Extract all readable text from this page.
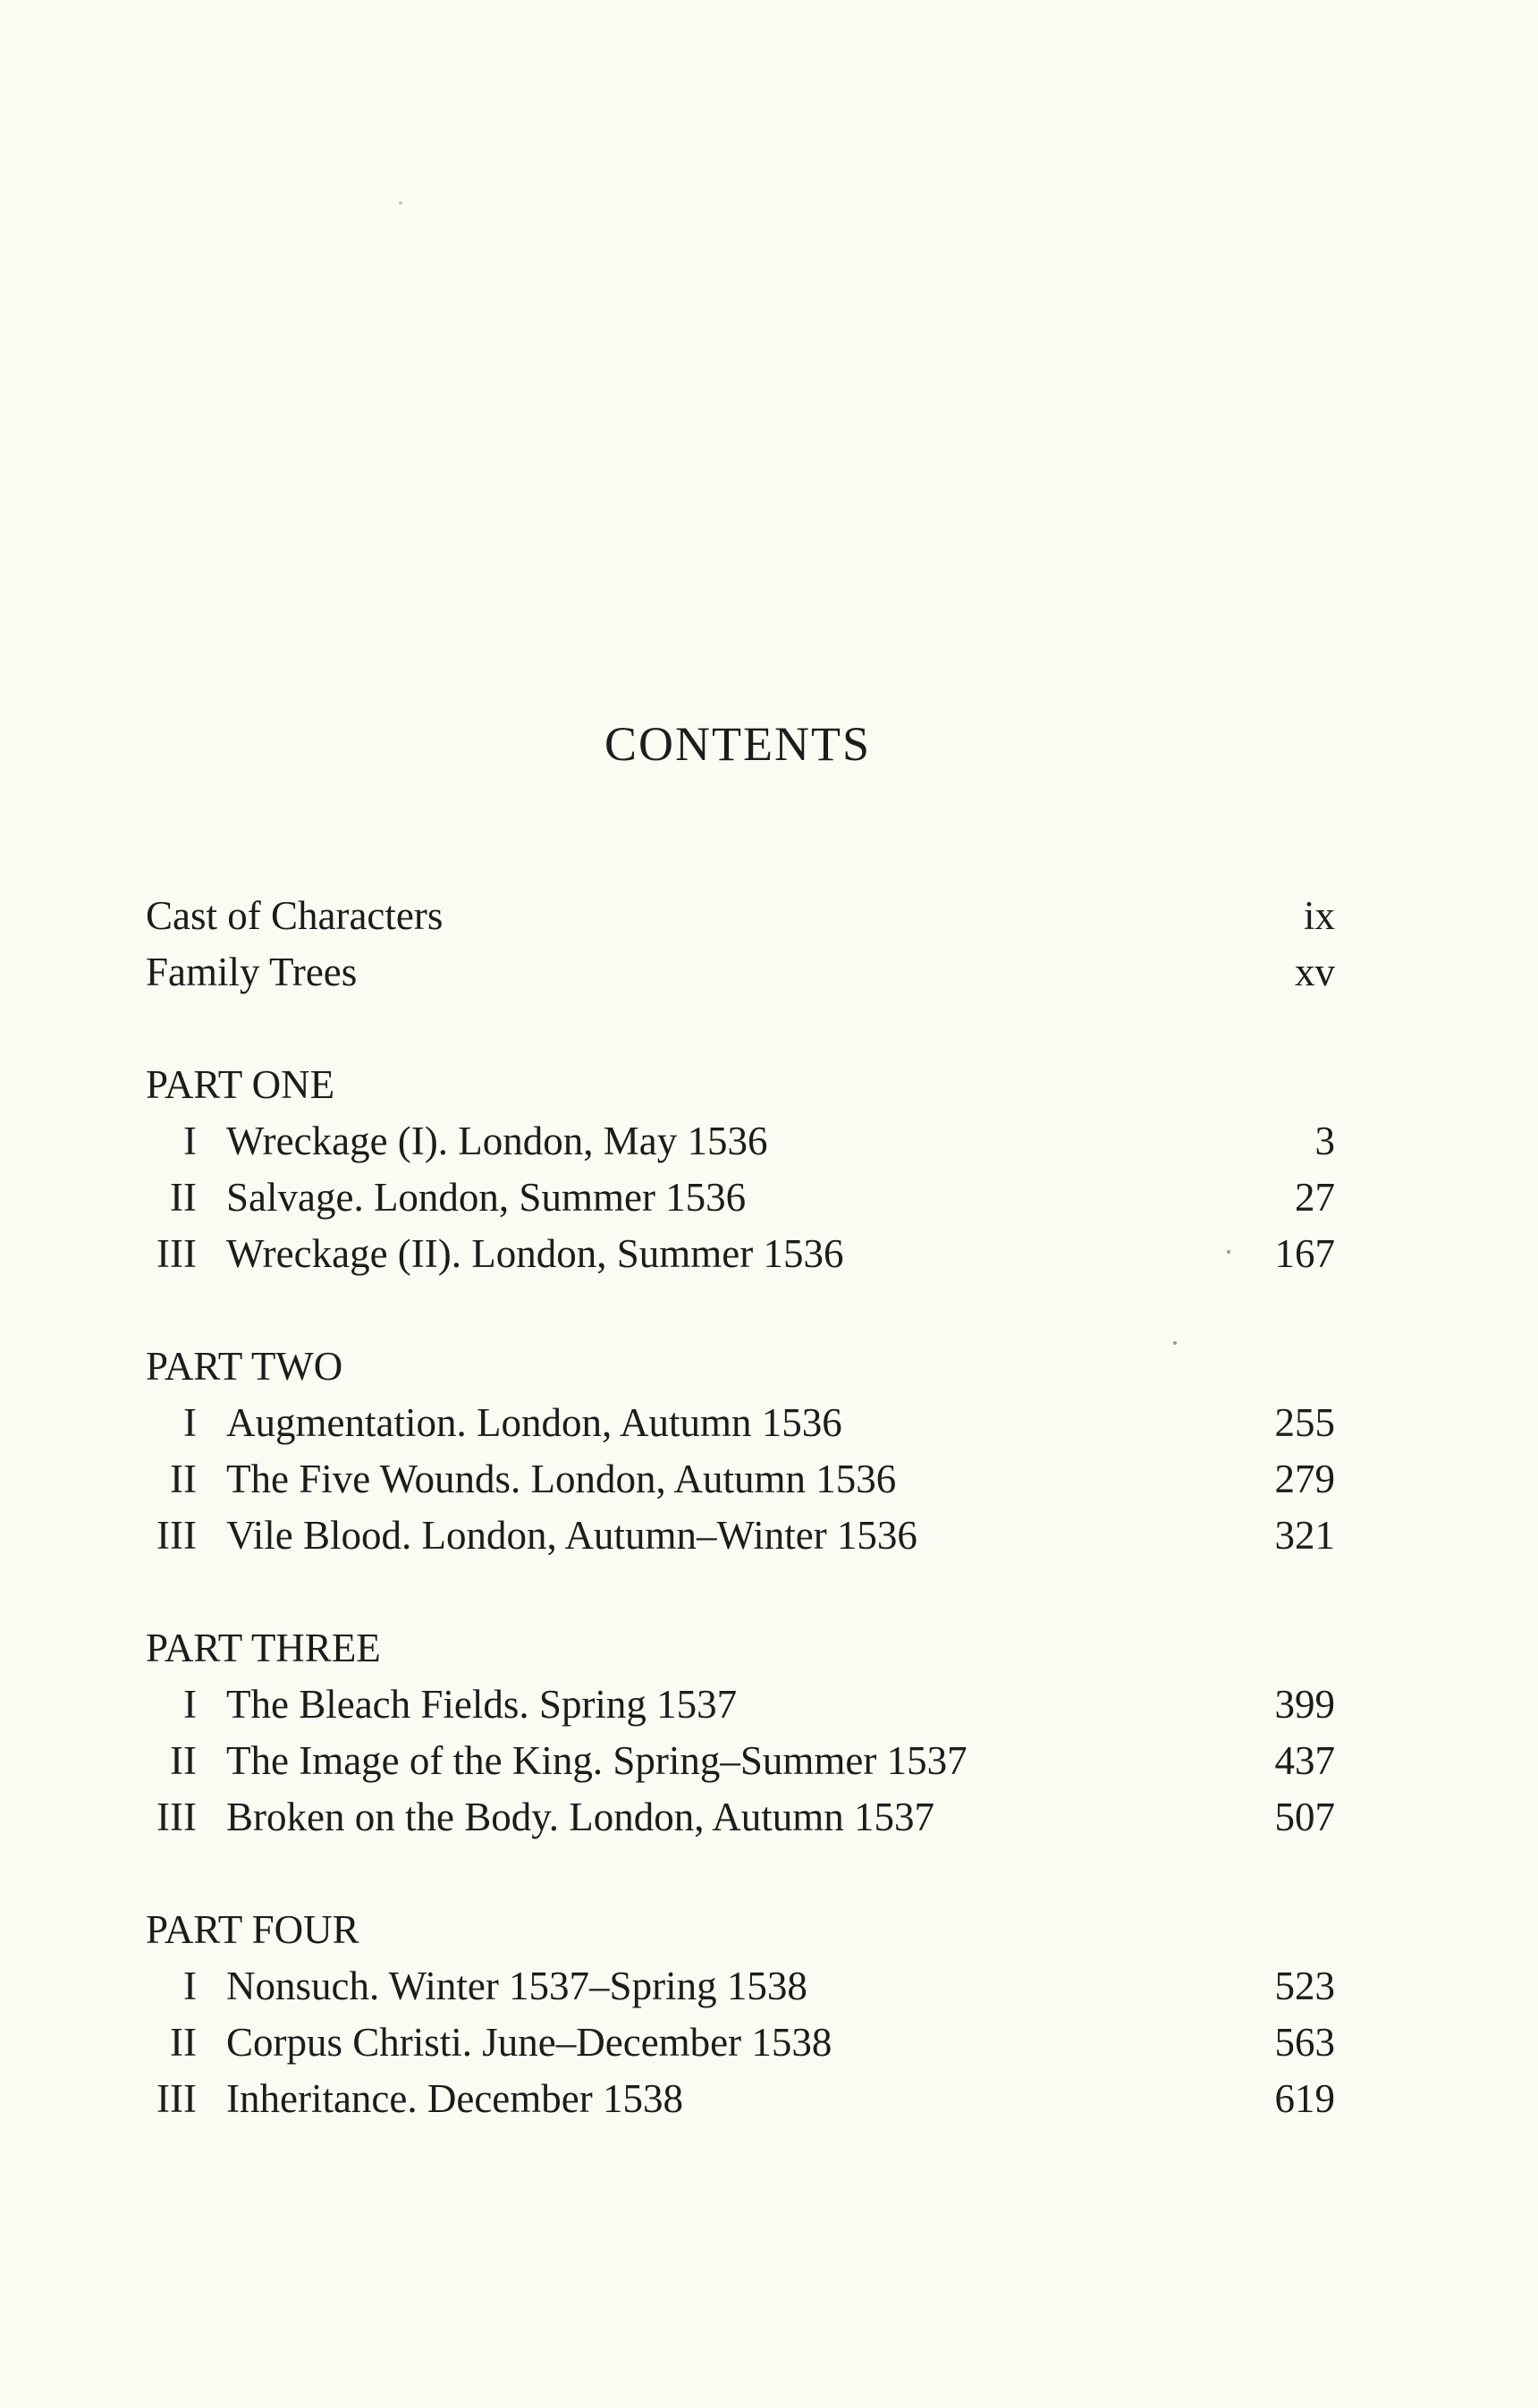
CONTENTS
Cast of Characters	ix
Family Trees	xv
PART ONE
I Wreckage (I). London, May 1536	3
II Salvage. London, Summer 1536	27
III Wreckage (II). London, Summer 1536	167
PART TWO
I Augmentation. London, Autumn 1536	255
II The Five Wounds. London, Autumn 1536	279
III Vile Blood. London, Autumn–Winter 1536	321
PART THREE
I The Bleach Fields. Spring 1537	399
II The Image of the King. Spring–Summer 1537	437
III Broken on the Body. London, Autumn 1537	507
PART FOUR
I Nonsuch. Winter 1537–Spring 1538	523
II Corpus Christi. June–December 1538	563
III Inheritance. December 1538	619
